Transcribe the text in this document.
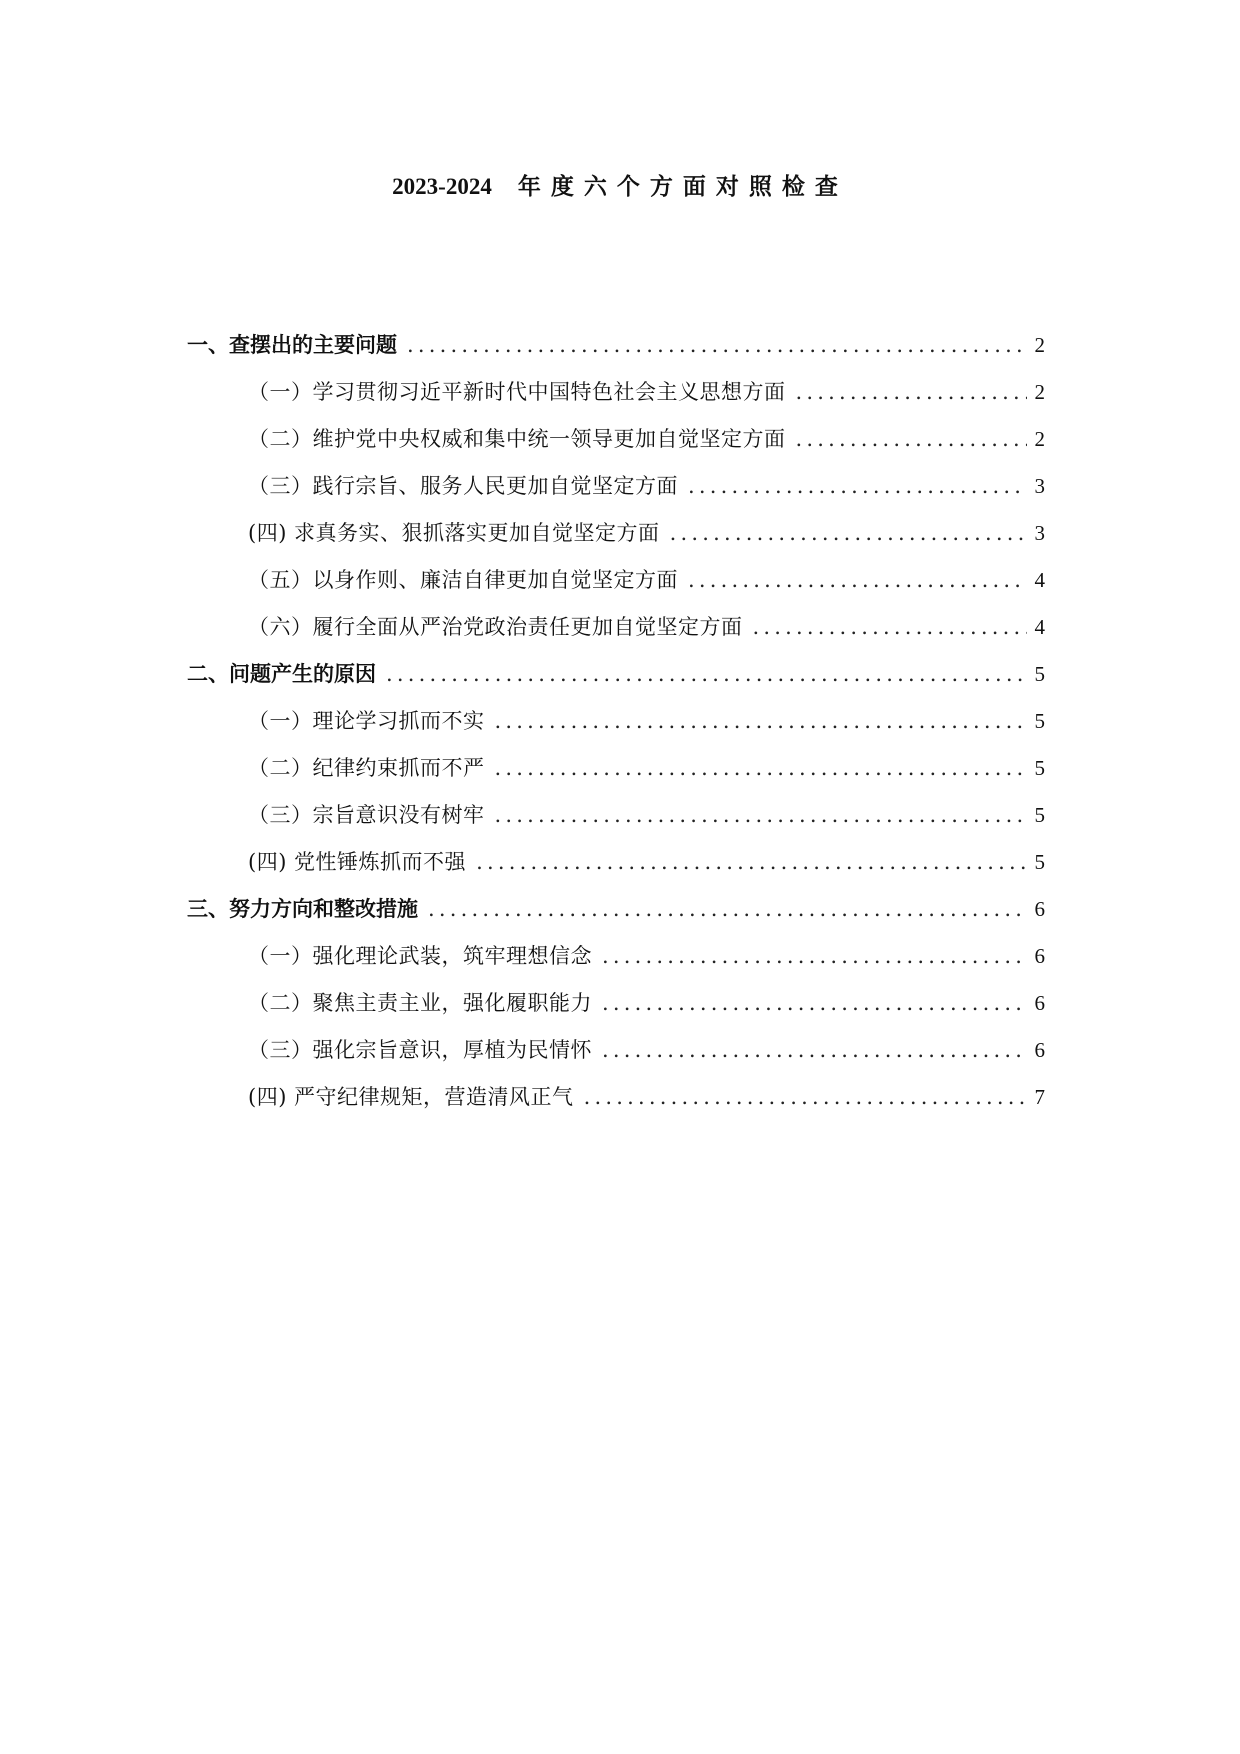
2023-2024 年度六个方面对照检查
一、查摆出的主要问题 .....	2
（一）学习贯彻习近平新时代中国特色社会主义思想方面 .....	2
（二）维护党中央权威和集中统一领导更加自觉坚定方面 .....	2
（三）践行宗旨、服务人民更加自觉坚定方面 .....	3
(四) 求真务实、狠抓落实更加自觉坚定方面 .....	3
（五）以身作则、廉洁自律更加自觉坚定方面 .....	4
（六）履行全面从严治党政治责任更加自觉坚定方面 .....	4
二、问题产生的原因 .....	5
（一）理论学习抓而不实 .....	5
（二）纪律约束抓而不严 .....	5
（三）宗旨意识没有树牢 .....	5
(四) 党性锤炼抓而不强 .....	5
三、努力方向和整改措施 .....	6
（一）强化理论武装，筑牢理想信念 .....	6
（二）聚焦主责主业，强化履职能力 .....	6
（三）强化宗旨意识，厚植为民情怀 .....	6
(四) 严守纪律规矩，营造清风正气 .....	7
